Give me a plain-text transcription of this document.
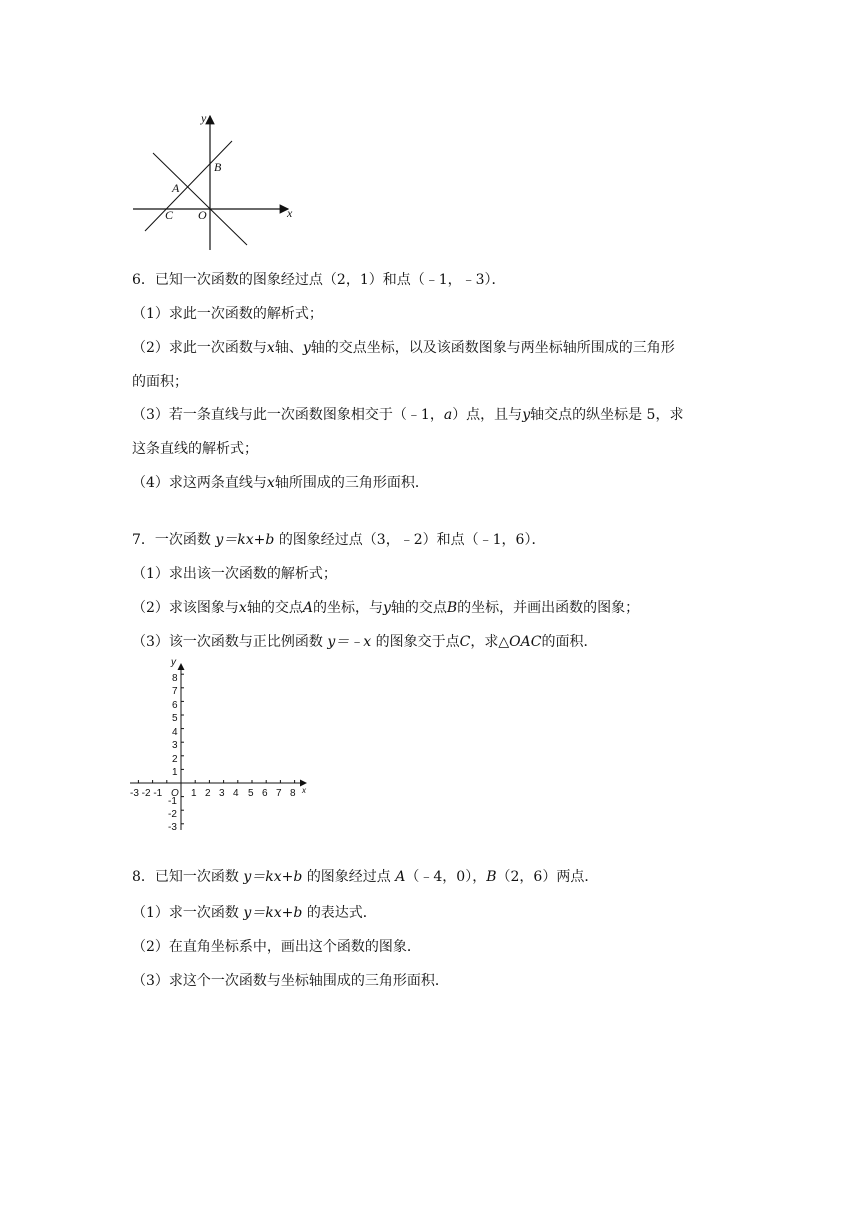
y
x
B
A
C O
6．已知一次函数的图象经过点（2，1）和点（﹣1，﹣3）．
（1）求此一次函数的解析式；
（2）求此一次函数与x轴、y轴的交点坐标，以及该函数图象与两坐标轴所围成的三角形
的面积；
（3）若一条直线与此一次函数图象相交于（﹣1，a）点，且与y轴交点的纵坐标是 5，求
这条直线的解析式；
（4）求这两条直线与x轴所围成的三角形面积．
7．一次函数 y＝kx+b 的图象经过点（3，﹣2）和点（﹣1，6）．
（1）求出该一次函数的解析式；
（2）求该图象与x轴的交点A的坐标，与y轴的交点B的坐标，并画出函数的图象；
（3）该一次函数与正比例函数 y＝﹣x 的图象交于点C，求△OAC的面积．
y
x
O
-3 -2 -1
8
7
6
5
4
3
2
1
-1
-2
-3
1 2 3 4 5 6 7 8
8．已知一次函数 y＝kx+b 的图象经过点 A（﹣4，0），B（2，6）两点．
（1）求一次函数 y＝kx+b 的表达式．
（2）在直角坐标系中，画出这个函数的图象．
（3）求这个一次函数与坐标轴围成的三角形面积．
